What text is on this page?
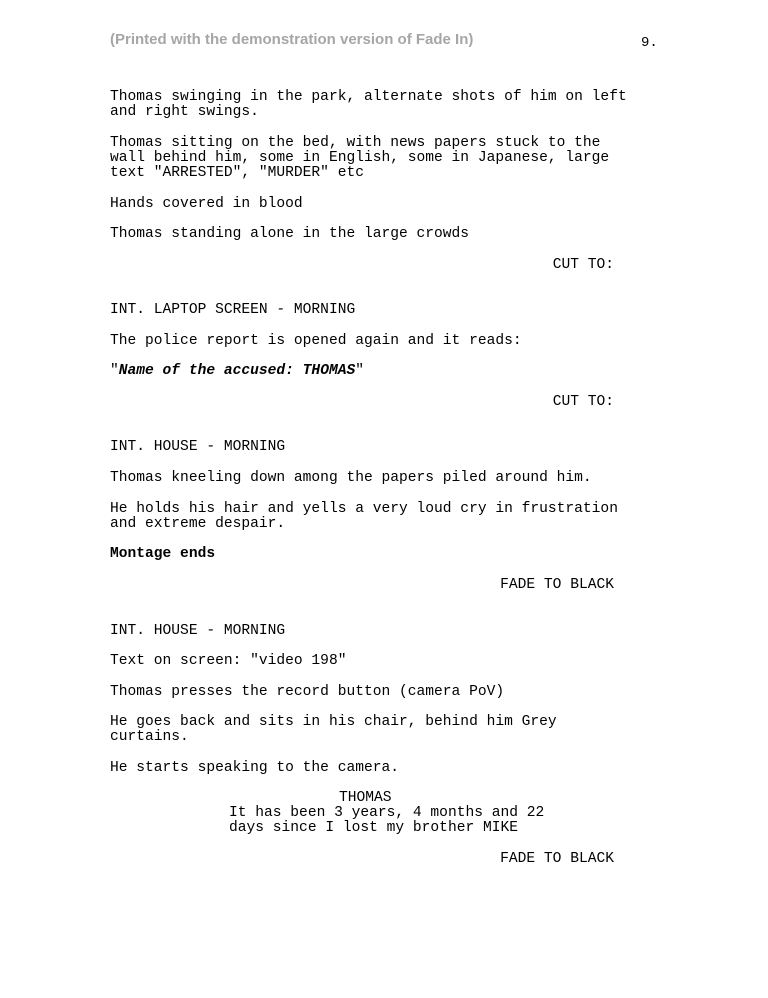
(Printed with the demonstration version of Fade In)	9.
Thomas swinging in the park, alternate shots of him on left
and right swings.
Thomas sitting on the bed, with news papers stuck to the
wall behind him, some in English, some in Japanese, large
text "ARRESTED", "MURDER" etc
Hands covered in blood
Thomas standing alone in the large crowds
CUT TO:
INT. LAPTOP SCREEN - MORNING
The police report is opened again and it reads:
"Name of the accused: THOMAS"
CUT TO:
INT. HOUSE - MORNING
Thomas kneeling down among the papers piled around him.
He holds his hair and yells a very loud cry in frustration
and extreme despair.
Montage ends
FADE TO BLACK
INT. HOUSE - MORNING
Text on screen: "video 198"
Thomas presses the record button (camera PoV)
He goes back and sits in his chair, behind him Grey
curtains.
He starts speaking to the camera.
THOMAS
It has been 3 years, 4 months and 22
days since I lost my brother MIKE
FADE TO BLACK
